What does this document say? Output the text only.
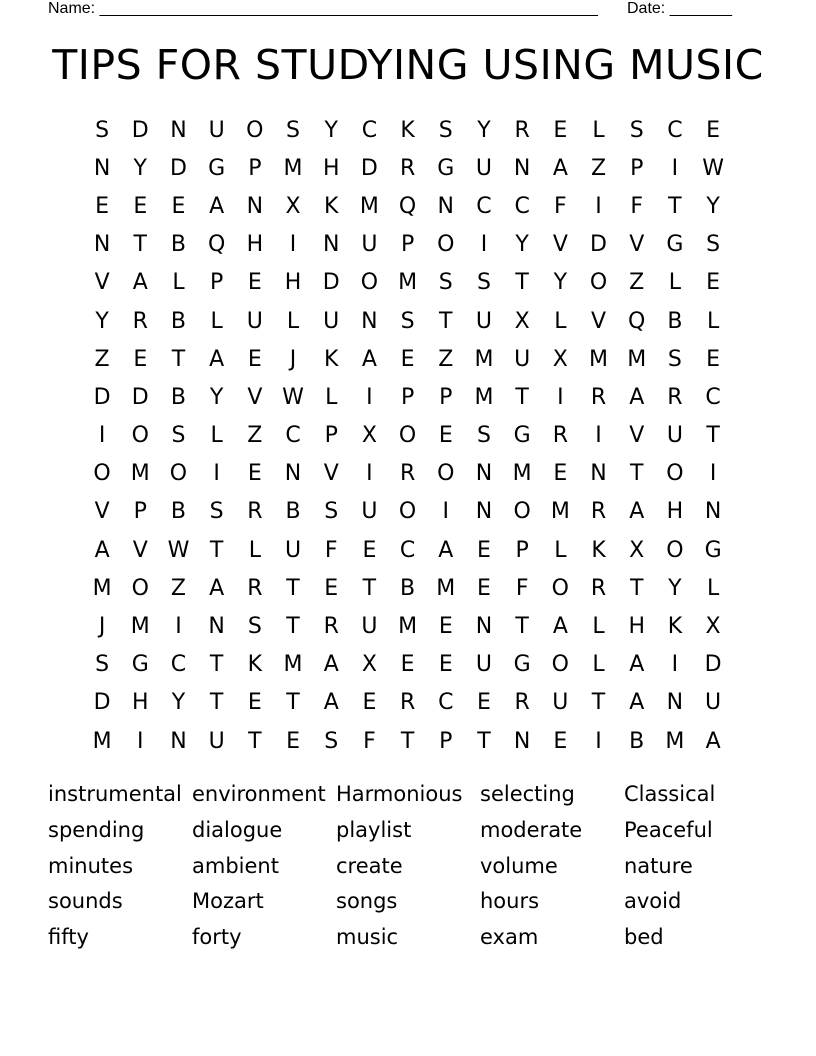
Name: ________________________________________________________ Date: _______
TIPS FOR STUDYING USING MUSIC
S	D N U O	S	Y	C	K	S	Y	R	E	L	S	C	E
N	Y	D G	P	M H D	R	G U N	A	Z	P	I	W
E	E	E	A	N	X	K M Q N	C	C	F	I	F	T	Y
N	T	B Q H	I	N U	P	O	I	Y	V	D	V	G	S
V	A	L	P	E	H D O M S	S	T	Y	O Z	L	E
Y	R	B	L	U	L	U N	S	T	U	X	L	V Q B	L
Z	E	T	A	E	J	K	A	E	Z M U	X M M S	E
D D	B	Y	V W L	I	P	P	M T	I	R	A	R	C
I	O	S	L	Z	C	P	X O	E	S	G	R	I	V	U	T
O M O	I	E	N	V	I	R O N M E	N	T	O	I
V	P	B	S	R	B	S	U O	I	N O M R	A	H N
A	V W T	L	U	F	E	C	A	E	P	L	K	X O G
M O Z	A	R	T	E	T	B M E	F	O R	T	Y	L
J	M	I	N	S	T	R	U M E	N	T	A	L	H	K	X
S	G C	T	K M A	X	E	E	U G O	L	A	I	D
D H	Y	T	E	T	A	E	R	C	E	R	U	T	A	N U
M	I	N U	T	E	S	F	T	P	T	N	E	I	B M A
instrumental environment Harmonious selecting	Classical
spending	dialogue	playlist	moderate	Peaceful
minutes	ambient	create	volume	nature
sounds	Mozart	songs	hours	avoid
fifty	forty	music	exam	bed
